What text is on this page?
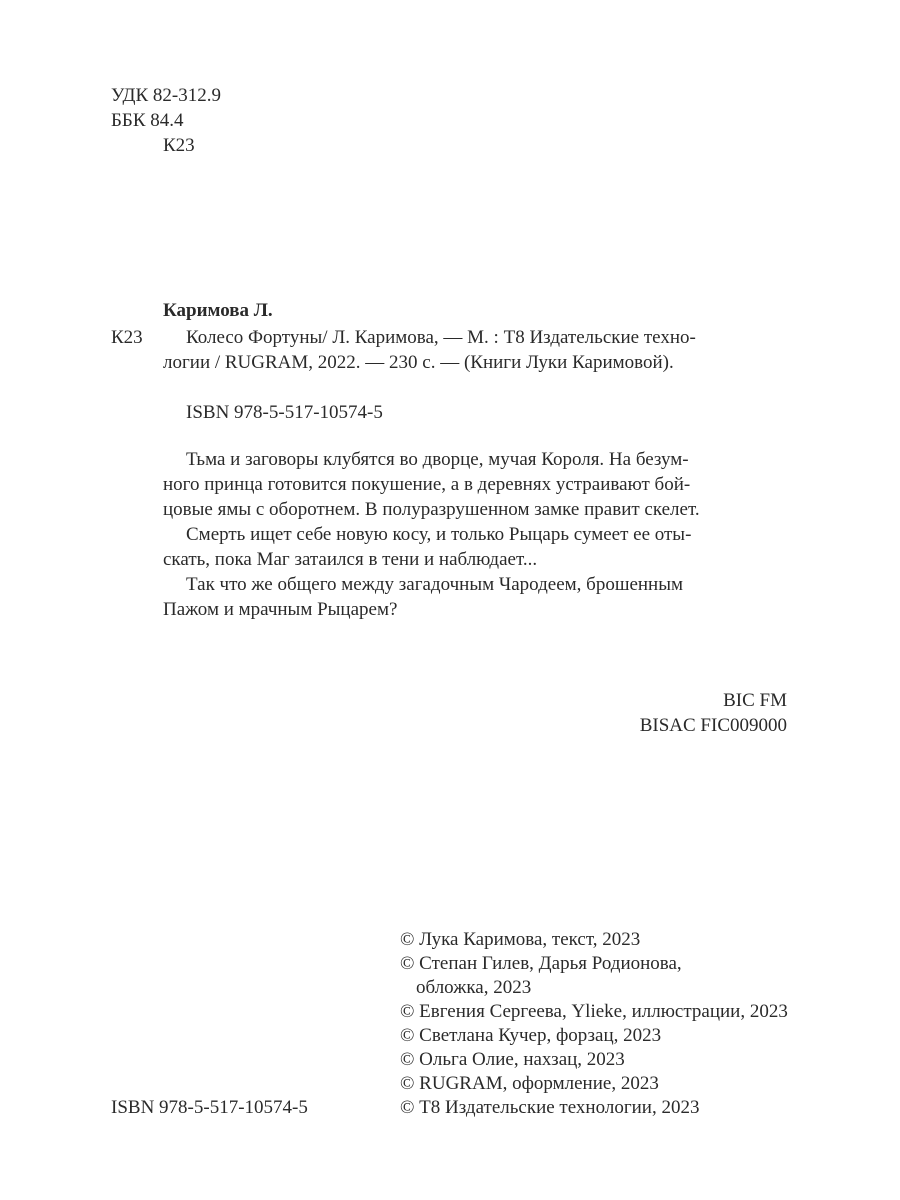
УДК 82-312.9
ББК 84.4
К23
Каримова Л.
К23	Колесо Фортуны/ Л. Каримова, — М. : Т8 Издательские техно-
логии / RUGRAM, 2022. — 230 с. — (Книги Луки Каримовой).
ISBN 978-5-517-10574-5
Тьма и заговоры клубятся во дворце, мучая Короля. На безум-
ного принца готовится покушение, а в деревнях устраивают бой-
цовые ямы с оборотнем. В полуразрушенном замке правит скелет.
Смерть ищет себе новую косу, и только Рыцарь сумеет ее оты-
скать, пока Маг затаился в тени и наблюдает...
Так что же общего между загадочным Чародеем, брошенным
Пажом и мрачным Рыцарем?
BIC FM
BISAC FIC009000
© Лука Каримова, текст, 2023
© Степан Гилев, Дарья Родионова,
обложка, 2023
© Евгения Сергеева, Ylieke, иллюстрации, 2023
© Светлана Кучер, форзац, 2023
© Ольга Олие, нахзац, 2023
© RUGRAM, оформление, 2023
© Т8 Издательские технологии, 2023
ISBN 978-5-517-10574-5
